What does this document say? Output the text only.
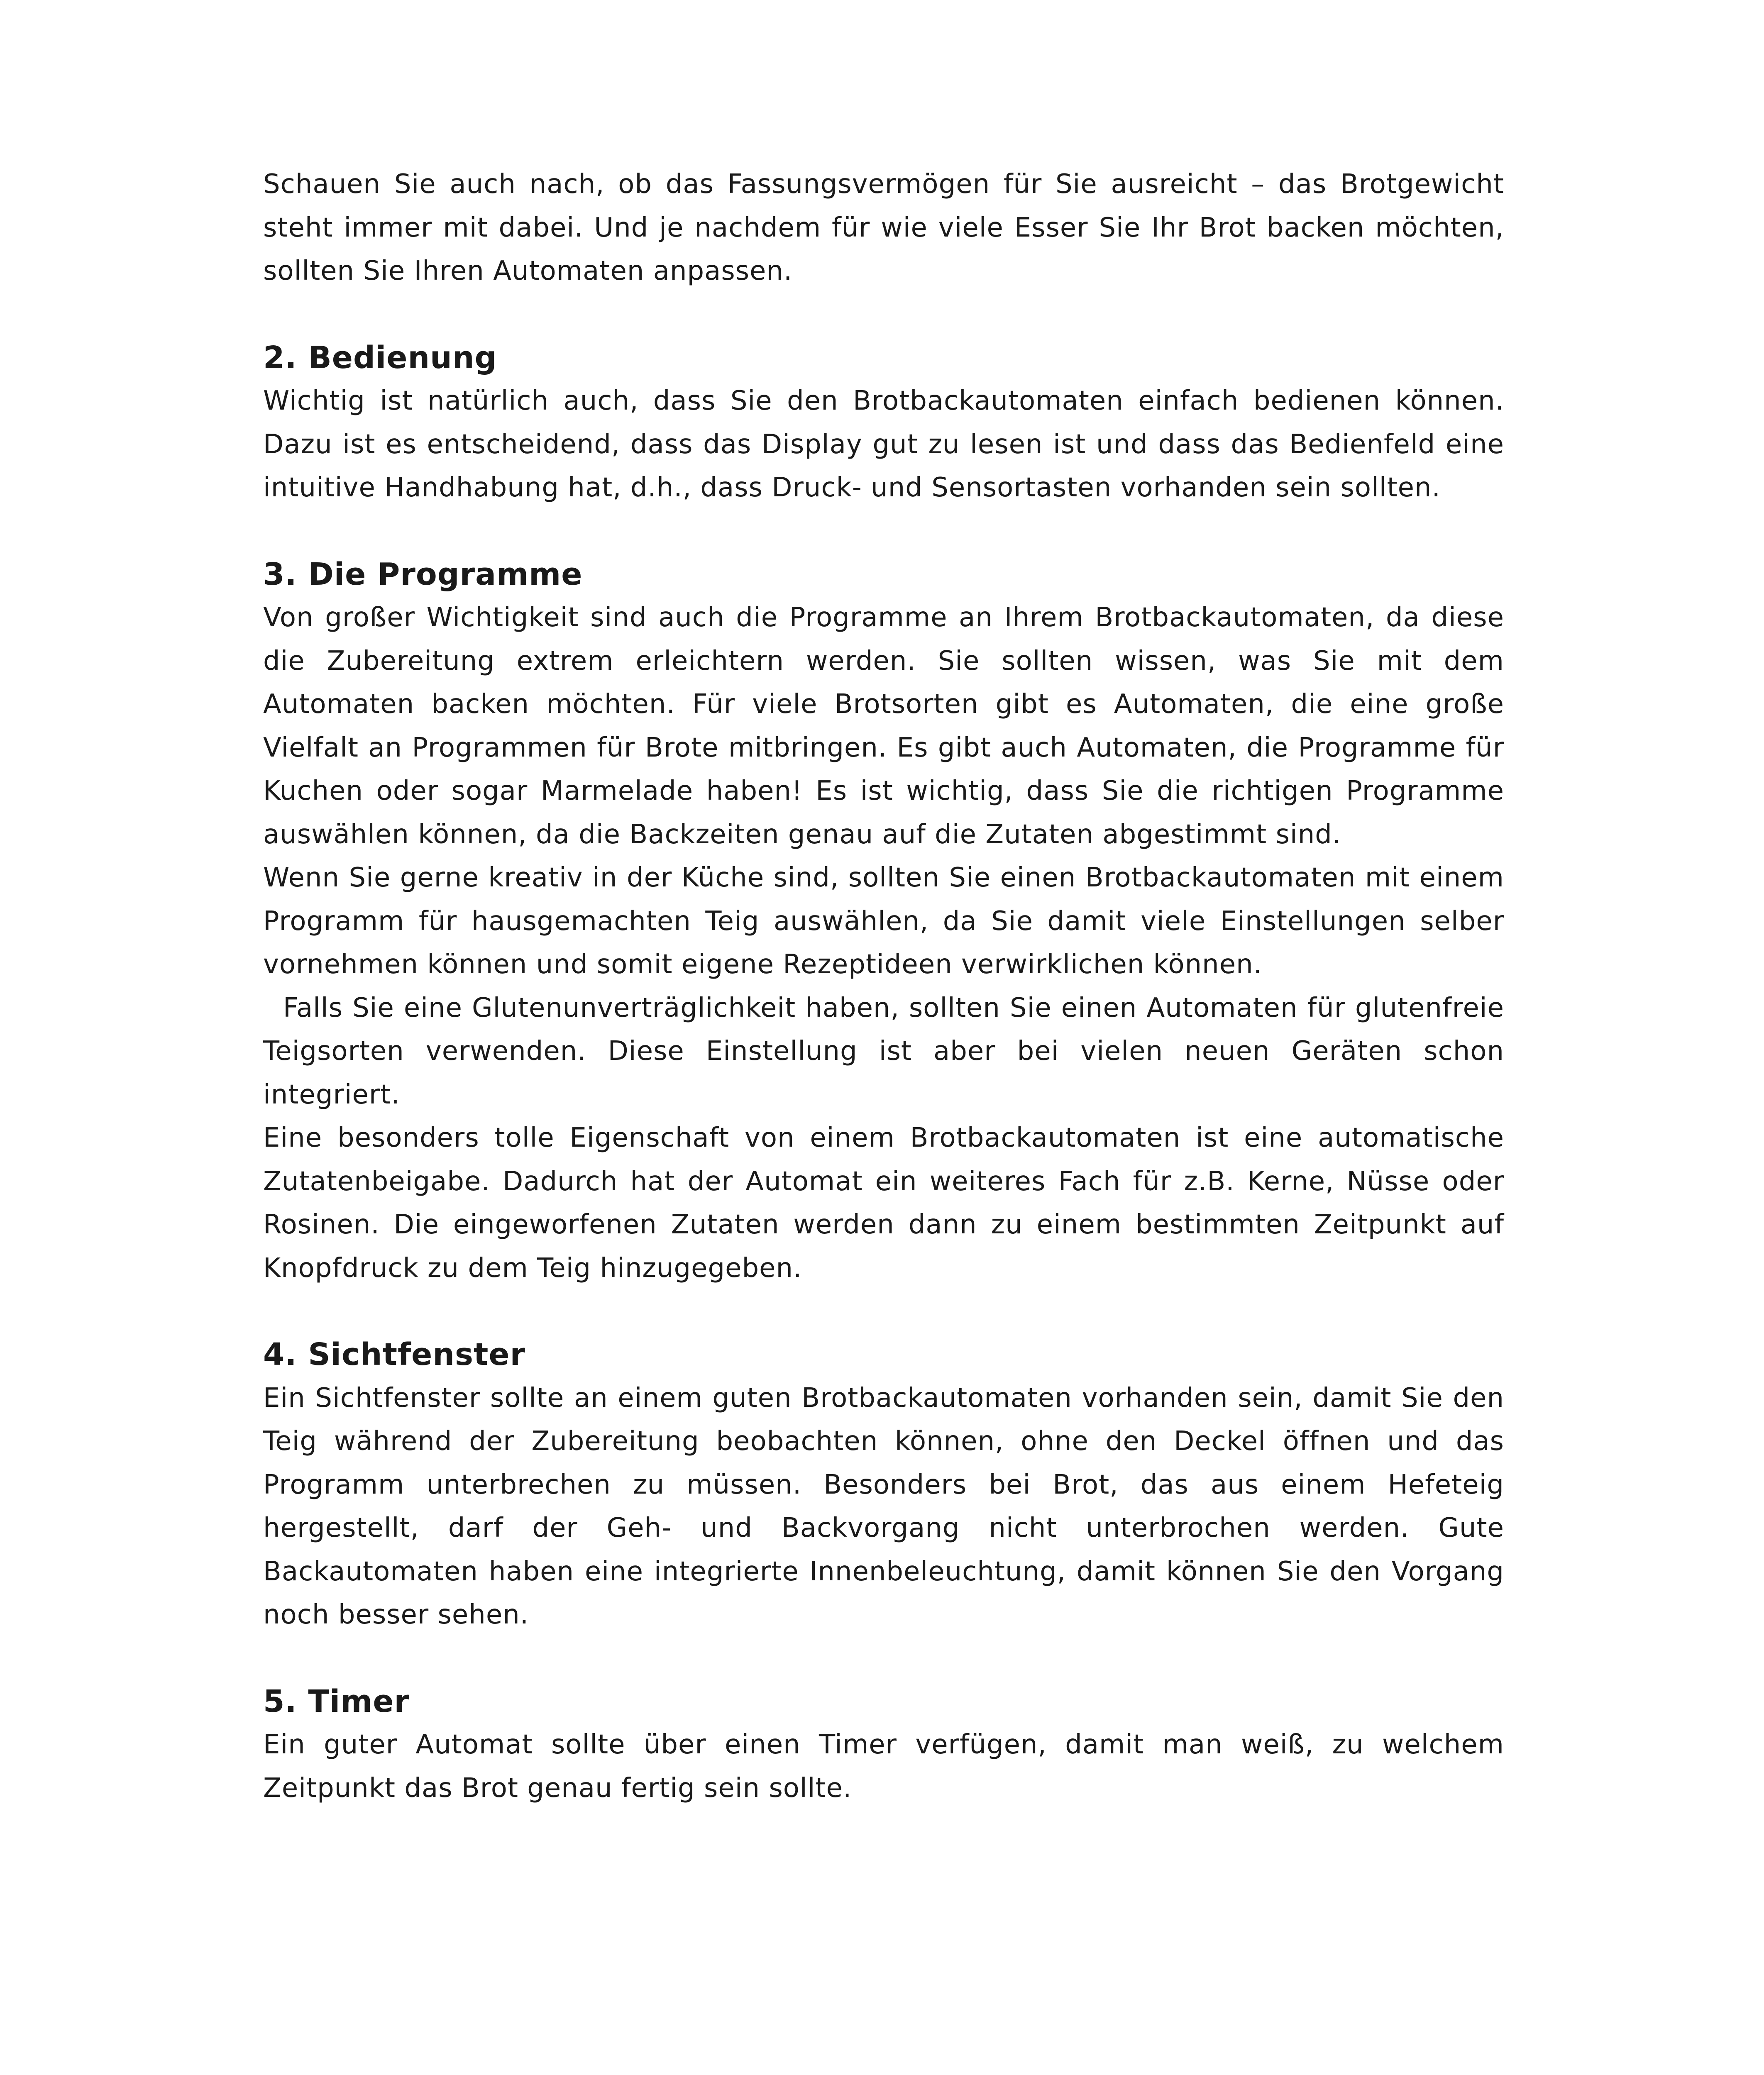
Schauen Sie auch nach, ob das Fassungsvermögen für Sie ausreicht – das Brotgewicht steht immer mit dabei. Und je nachdem für wie viele Esser Sie Ihr Brot backen möchten, sollten Sie Ihren Automaten anpassen.

2. Bedienung

Wichtig ist natürlich auch, dass Sie den Brotbackautomaten einfach bedienen können. Dazu ist es entscheidend, dass das Display gut zu lesen ist und dass das Bedienfeld eine intuitive Handhabung hat, d.h., dass Druck- und Sensortasten vorhanden sein sollten.

3. Die Programme

Von großer Wichtigkeit sind auch die Programme an Ihrem Brotbackautomaten, da diese die Zubereitung extrem erleichtern werden. Sie sollten wissen, was Sie mit dem Automaten backen möchten. Für viele Brotsorten gibt es Automaten, die eine große Vielfalt an Programmen für Brote mitbringen. Es gibt auch Automaten, die Programme für Kuchen oder sogar Marmelade haben! Es ist wichtig, dass Sie die richtigen Programme auswählen können, da die Backzeiten genau auf die Zutaten abgestimmt sind.

Wenn Sie gerne kreativ in der Küche sind, sollten Sie einen Brotbackautomaten mit einem Programm für hausgemachten Teig auswählen, da Sie damit viele Einstellungen selber vornehmen können und somit eigene Rezeptideen verwirklichen können.

Falls Sie eine Glutenunverträglichkeit haben, sollten Sie einen Automaten für glutenfreie Teigsorten verwenden. Diese Einstellung ist aber bei vielen neuen Geräten schon integriert.

Eine besonders tolle Eigenschaft von einem Brotbackautomaten ist eine automatische Zutatenbeigabe. Dadurch hat der Automat ein weiteres Fach für z.B. Kerne, Nüsse oder Rosinen. Die eingeworfenen Zutaten werden dann zu einem bestimmten Zeitpunkt auf Knopfdruck zu dem Teig hinzugegeben.

4. Sichtfenster

Ein Sichtfenster sollte an einem guten Brotbackautomaten vorhanden sein, damit Sie den Teig während der Zubereitung beobachten können, ohne den Deckel öffnen und das Programm unterbrechen zu müssen. Besonders bei Brot, das aus einem Hefeteig hergestellt, darf der Geh- und Backvorgang nicht unterbrochen werden. Gute Backautomaten haben eine integrierte Innenbeleuchtung, damit können Sie den Vorgang noch besser sehen.

5. Timer

Ein guter Automat sollte über einen Timer verfügen, damit man weiß, zu welchem Zeitpunkt das Brot genau fertig sein sollte.
